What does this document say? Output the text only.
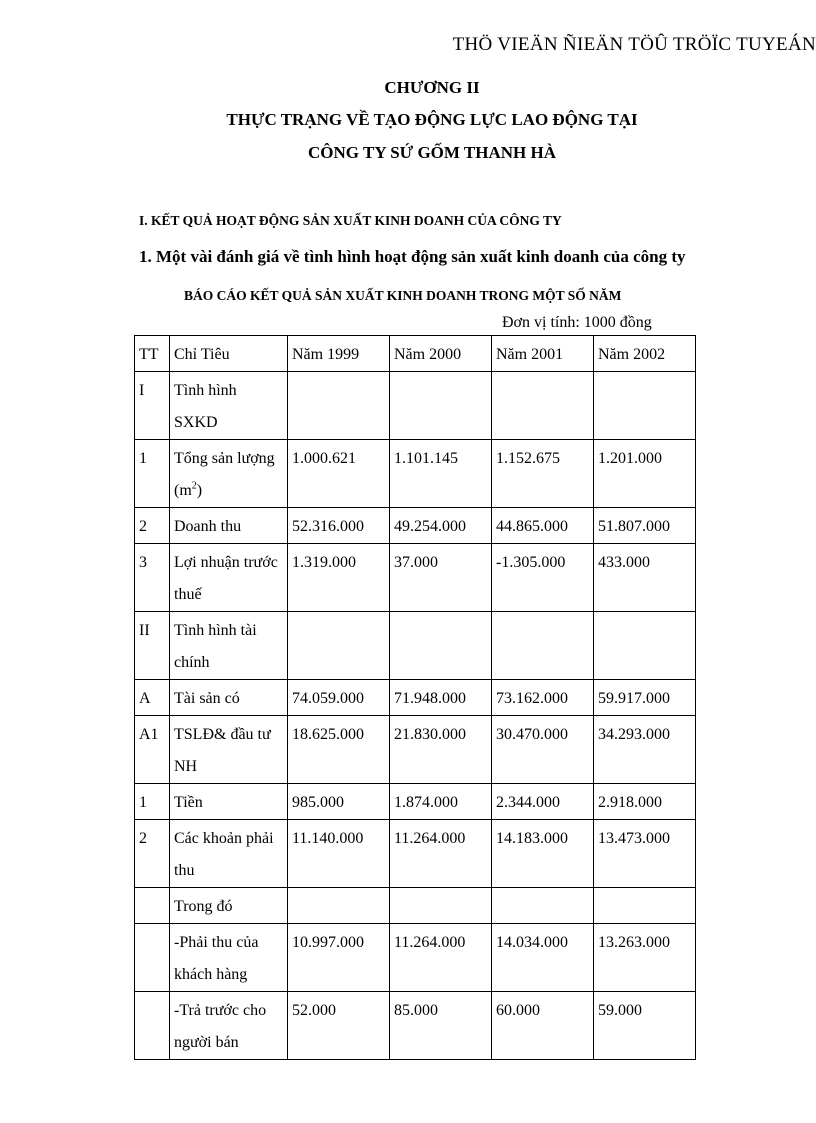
THÖ VIEÄN ÑIEÄN TÖÛ TRÖÏC TUYEÁN
CHƯƠNG II
THỰC TRẠNG VỀ TẠO ĐỘNG LỰC LAO ĐỘNG TẠI
CÔNG TY SỨ GỐM THANH HÀ
I. KẾT QUẢ HOẠT ĐỘNG SẢN XUẤT KINH DOANH CỦA CÔNG TY
1. Một vài đánh giá về tình hình hoạt động sản xuất kinh doanh của công ty
BÁO CÁO KẾT QUẢ SẢN XUẤT KINH DOANH TRONG MỘT SỐ NĂM
Đơn vị tính: 1000 đồng
TT	Chỉ Tiêu	Năm 1999	Năm 2000	Năm 2001	Năm 2002
I	Tình hình SXKD				
1	Tổng sản lượng $(m^2)$	1.000.621	1.101.145	1.152.675	1.201.000
2	Doanh thu	52.316.000	49.254.000	44.865.000	51.807.000
3	Lợi nhuận trước thuế	1.319.000	37.000	-1.305.000	433.000
II	Tình hình tài chính				
A	Tài sản có	74.059.000	71.948.000	73.162.000	59.917.000
A1	TSLĐ& đầu tư NH	18.625.000	21.830.000	30.470.000	34.293.000
1	Tiền	985.000	1.874.000	2.344.000	2.918.000
2	Các khoản phải thu	11.140.000	11.264.000	14.183.000	13.473.000
	Trong đó				
	-Phải thu của khách hàng	10.997.000	11.264.000	14.034.000	13.263.000
	-Trả trước cho người bán	52.000	85.000	60.000	59.000
